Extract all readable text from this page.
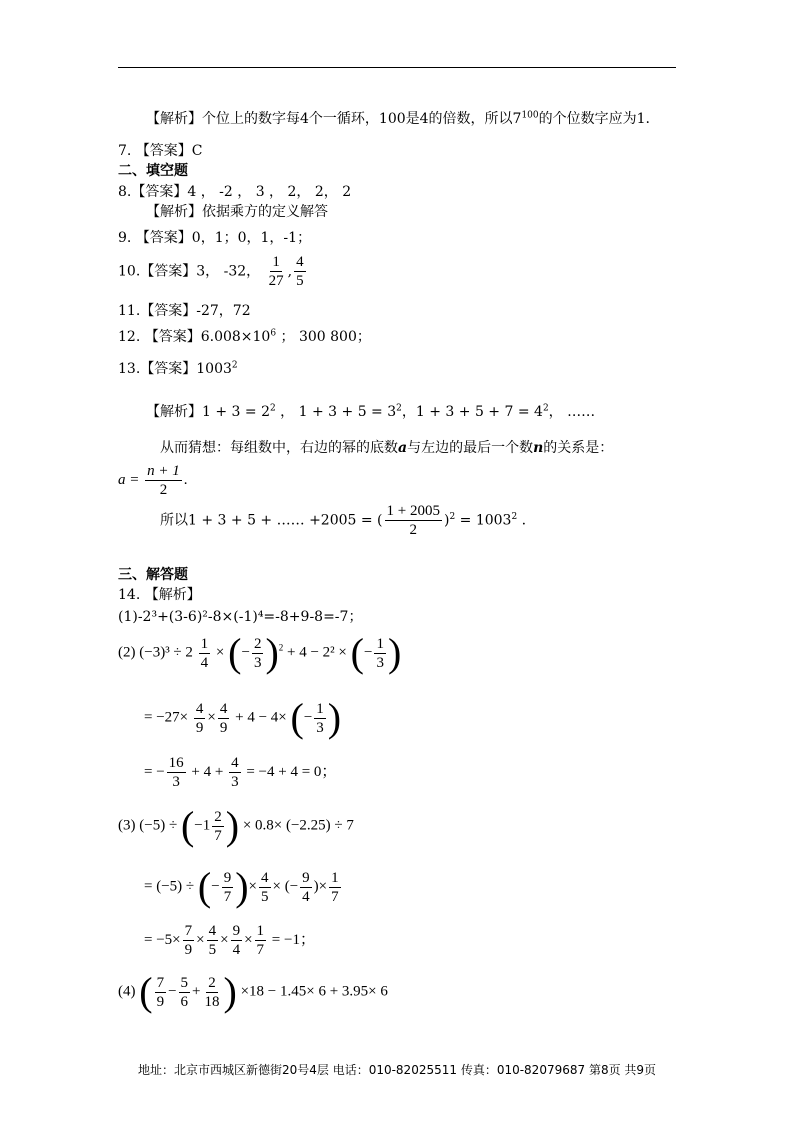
【解析】个位上的数字每4个一循环，100是4的倍数，所以$7^{100}$的个位数字应为1.
7. 【答案】C
二、填空题
8.【答案】4 ， -2 ， 3 ， 2， 2， 2
【解析】依据乘方的定义解答
9. 【答案】0，1；0，1，-1；
10.【答案】3， -32， $\frac{1}{27}$ , $\frac{4}{5}$
11.【答案】-27，72
12. 【答案】$6.008\times 10^6$ ； 300 800；
13.【答案】1003$^2$
【解析】$1 + 3 = 2^2$ ， $1 + 3 + 5 = 3^2$，$1 + 3 + 5 + 7 = 4^2$， ……
从而猜想：每组数中，右边的幂的底数a与左边的最后一个数n的关系是：
$a = \frac{n + 1}{2}$ .
所以1 + 3 + 5 + …… +2005 = ( $\frac{1 + 2005}{2} )^2 = 1003^2$ .
三、解答题
14. 【解析】
(1)-2³+(3-6)²-8×(-1)⁴=-8+9-8=-7；
(2) $(-3)^3 \div 2 \frac{1}{4}$ × (− $\frac{2}{3} )^2 + 4 - 2^2$ × (− $\frac{1}{3}$ )
= $-27\times \frac{4}{9} \times \frac{4}{9} + 4 - 4\times$ (− $\frac{1}{3}$ )
= − $\frac{16}{3} + 4 + \frac{4}{3} = -4 + 4 = 0$；
(3) $(-5) \div (-1 \frac{2}{7}$ ) × 0.8× (−2.25) ÷ 7
= (−5) ÷ (− $\frac{9}{7}$ )× $\frac{4}{5}$ × (− $\frac{9}{4}$ )× $\frac{1}{7}$
= $-5\times \frac{7}{9} \times \frac{4}{5} \times \frac{9}{4} \times \frac{1}{7} = -1$；
(4) ( $\frac{7}{9} - \frac{5}{6} + \frac{2}{18}$ ) ×18 − 1.45× 6 + 3.95× 6
地址：北京市西城区新德街20号4层 电话：010-82025511 传真：010-82079687 第8页 共9页
